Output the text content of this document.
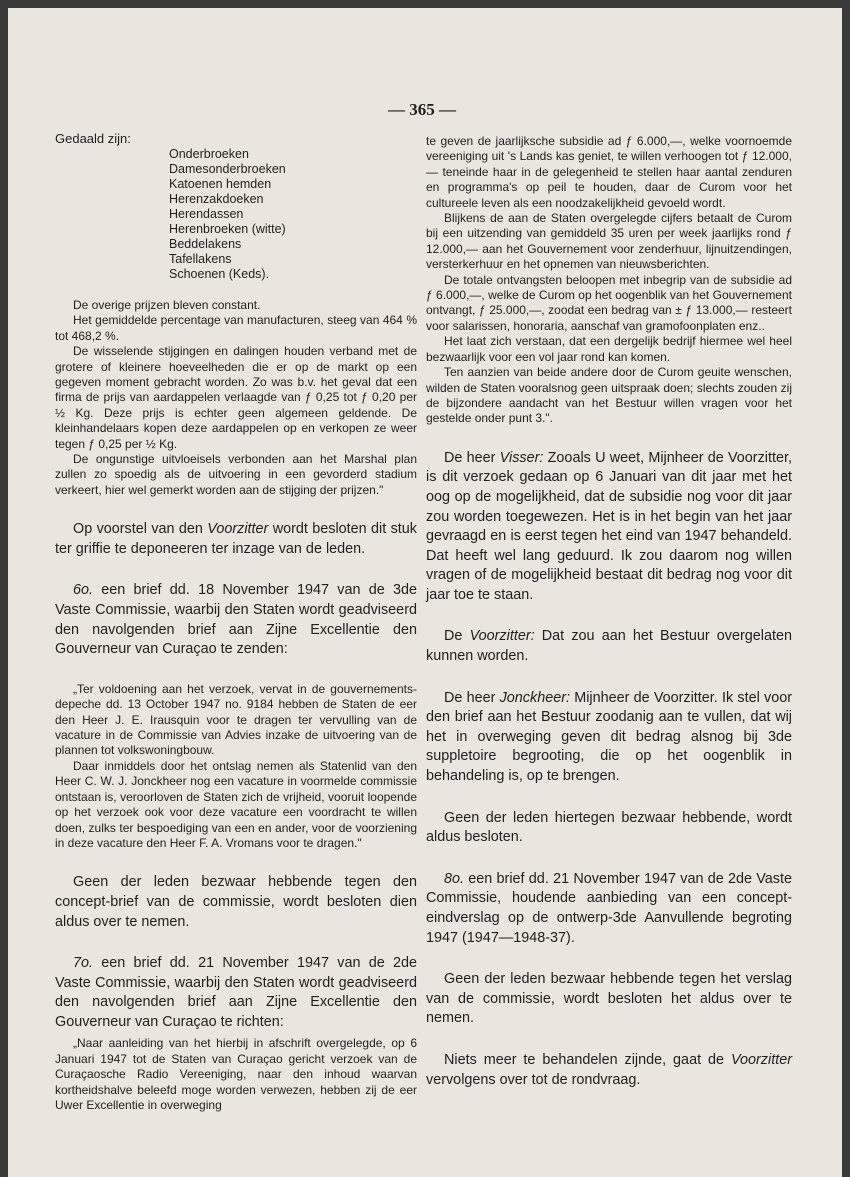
— 365 —

Gedaald zijn:

Onderbroeken
Damesonderbroeken
Katoenen hemden
Herenzakdoeken
Herendassen
Herenbroeken (witte)
Beddelakens
Tafellakens
Schoenen (Keds).

De overige prijzen bleven constant.

Het gemiddelde percentage van manufacturen, steeg van 464 % tot 468,2 %.

De wisselende stijgingen en dalingen houden verband met de grotere of kleinere hoeveelheden die er op de markt op een gegeven moment gebracht worden. Zo was b.v. het geval dat een firma de prijs van aardappelen verlaagde van ƒ 0,25 tot ƒ 0,20 per ½ Kg. Deze prijs is echter geen algemeen geldende. De kleinhandelaars kopen deze aardappelen op en verkopen ze weer tegen ƒ 0,25 per ½ Kg.

De ongunstige uitvloeisels verbonden aan het Marshal plan zullen zo spoedig als de uitvoering in een gevorderd stadium verkeert, hier wel gemerkt worden aan de stijging der prijzen."

Op voorstel van den Voorzitter wordt besloten dit stuk ter griffie te deponeeren ter inzage van de leden.

6o. een brief dd. 18 November 1947 van de 3de Vaste Commissie, waarbij den Staten wordt geadviseerd den navolgenden brief aan Zijne Excellentie den Gouverneur van Curaçao te zenden:

„Ter voldoening aan het verzoek, vervat in de gouvernements-depeche dd. 13 October 1947 no. 9184 hebben de Staten de eer den Heer J. E. Irausquin voor te dragen ter vervulling van de vacature in de Commissie van Advies inzake de uitvoering van de plannen tot volkswoningbouw.

Daar inmiddels door het ontslag nemen als Statenlid van den Heer C. W. J. Jonckheer nog een vacature in voormelde commissie ontstaan is, veroorloven de Staten zich de vrijheid, vooruit loopende op het verzoek ook voor deze vacature een voordracht te willen doen, zulks ter bespoediging van een en ander, voor de voorziening in deze vacature den Heer F. A. Vromans voor te dragen."

Geen der leden bezwaar hebbende tegen den concept-brief van de commissie, wordt besloten dien aldus over te nemen.

7o. een brief dd. 21 November 1947 van de 2de Vaste Commissie, waarbij den Staten wordt geadviseerd den navolgenden brief aan Zijne Excellentie den Gouverneur van Curaçao te richten:

„Naar aanleiding van het hierbij in afschrift overgelegde, op 6 Januari 1947 tot de Staten van Curaçao gericht verzoek van de Curaçaosche Radio Vereeniging, naar den inhoud waarvan kortheidshalve beleefd moge worden verwezen, hebben zij de eer Uwer Excellentie in overweging

te geven de jaarlijksche subsidie ad ƒ 6.000,—, welke voornoemde vereeniging uit 's Lands kas geniet, te willen verhoogen tot ƒ 12.000,— teneinde haar in de gelegenheid te stellen haar aantal zenduren en programma's op peil te houden, daar de Curom voor het cultureele leven als een noodzakelijkheid gevoeld wordt.

Blijkens de aan de Staten overgelegde cijfers betaalt de Curom bij een uitzending van gemiddeld 35 uren per week jaarlijks rond ƒ 12.000,— aan het Gouvernement voor zenderhuur, lijnuitzendingen, versterkerhuur en het opnemen van nieuwsberichten.

De totale ontvangsten beloopen met inbegrip van de subsidie ad ƒ 6.000,—, welke de Curom op het oogenblik van het Gouvernement ontvangt, ƒ 25.000,—, zoodat een bedrag van ± ƒ 13.000,— resteert voor salarissen, honoraria, aanschaf van gramofoonplaten enz..

Het laat zich verstaan, dat een dergelijk bedrijf hiermee wel heel bezwaarlijk voor een vol jaar rond kan komen.

Ten aanzien van beide andere door de Curom geuite wenschen, wilden de Staten vooralsnog geen uitspraak doen; slechts zouden zij de bijzondere aandacht van het Bestuur willen vragen voor het gestelde onder punt 3.".

De heer Visser: Zooals U weet, Mijnheer de Voorzitter, is dit verzoek gedaan op 6 Januari van dit jaar met het oog op de mogelijkheid, dat de subsidie nog voor dit jaar zou worden toegewezen. Het is in het begin van het jaar gevraagd en is eerst tegen het eind van 1947 behandeld. Dat heeft wel lang geduurd. Ik zou daarom nog willen vragen of de mogelijkheid bestaat dit bedrag nog voor dit jaar toe te staan.

De Voorzitter: Dat zou aan het Bestuur overgelaten kunnen worden.

De heer Jonckheer: Mijnheer de Voorzitter. Ik stel voor den brief aan het Bestuur zoodanig aan te vullen, dat wij het in overweging geven dit bedrag alsnog bij 3de suppletoire begrooting, die op het oogenblik in behandeling is, op te brengen.

Geen der leden hiertegen bezwaar hebbende, wordt aldus besloten.

8o. een brief dd. 21 November 1947 van de 2de Vaste Commissie, houdende aanbieding van een concept-eindverslag op de ontwerp-3de Aanvullende begroting 1947 (1947—1948-37).

Geen der leden bezwaar hebbende tegen het verslag van de commissie, wordt besloten het aldus over te nemen.

Niets meer te behandelen zijnde, gaat de Voorzitter vervolgens over tot de rondvraag.
